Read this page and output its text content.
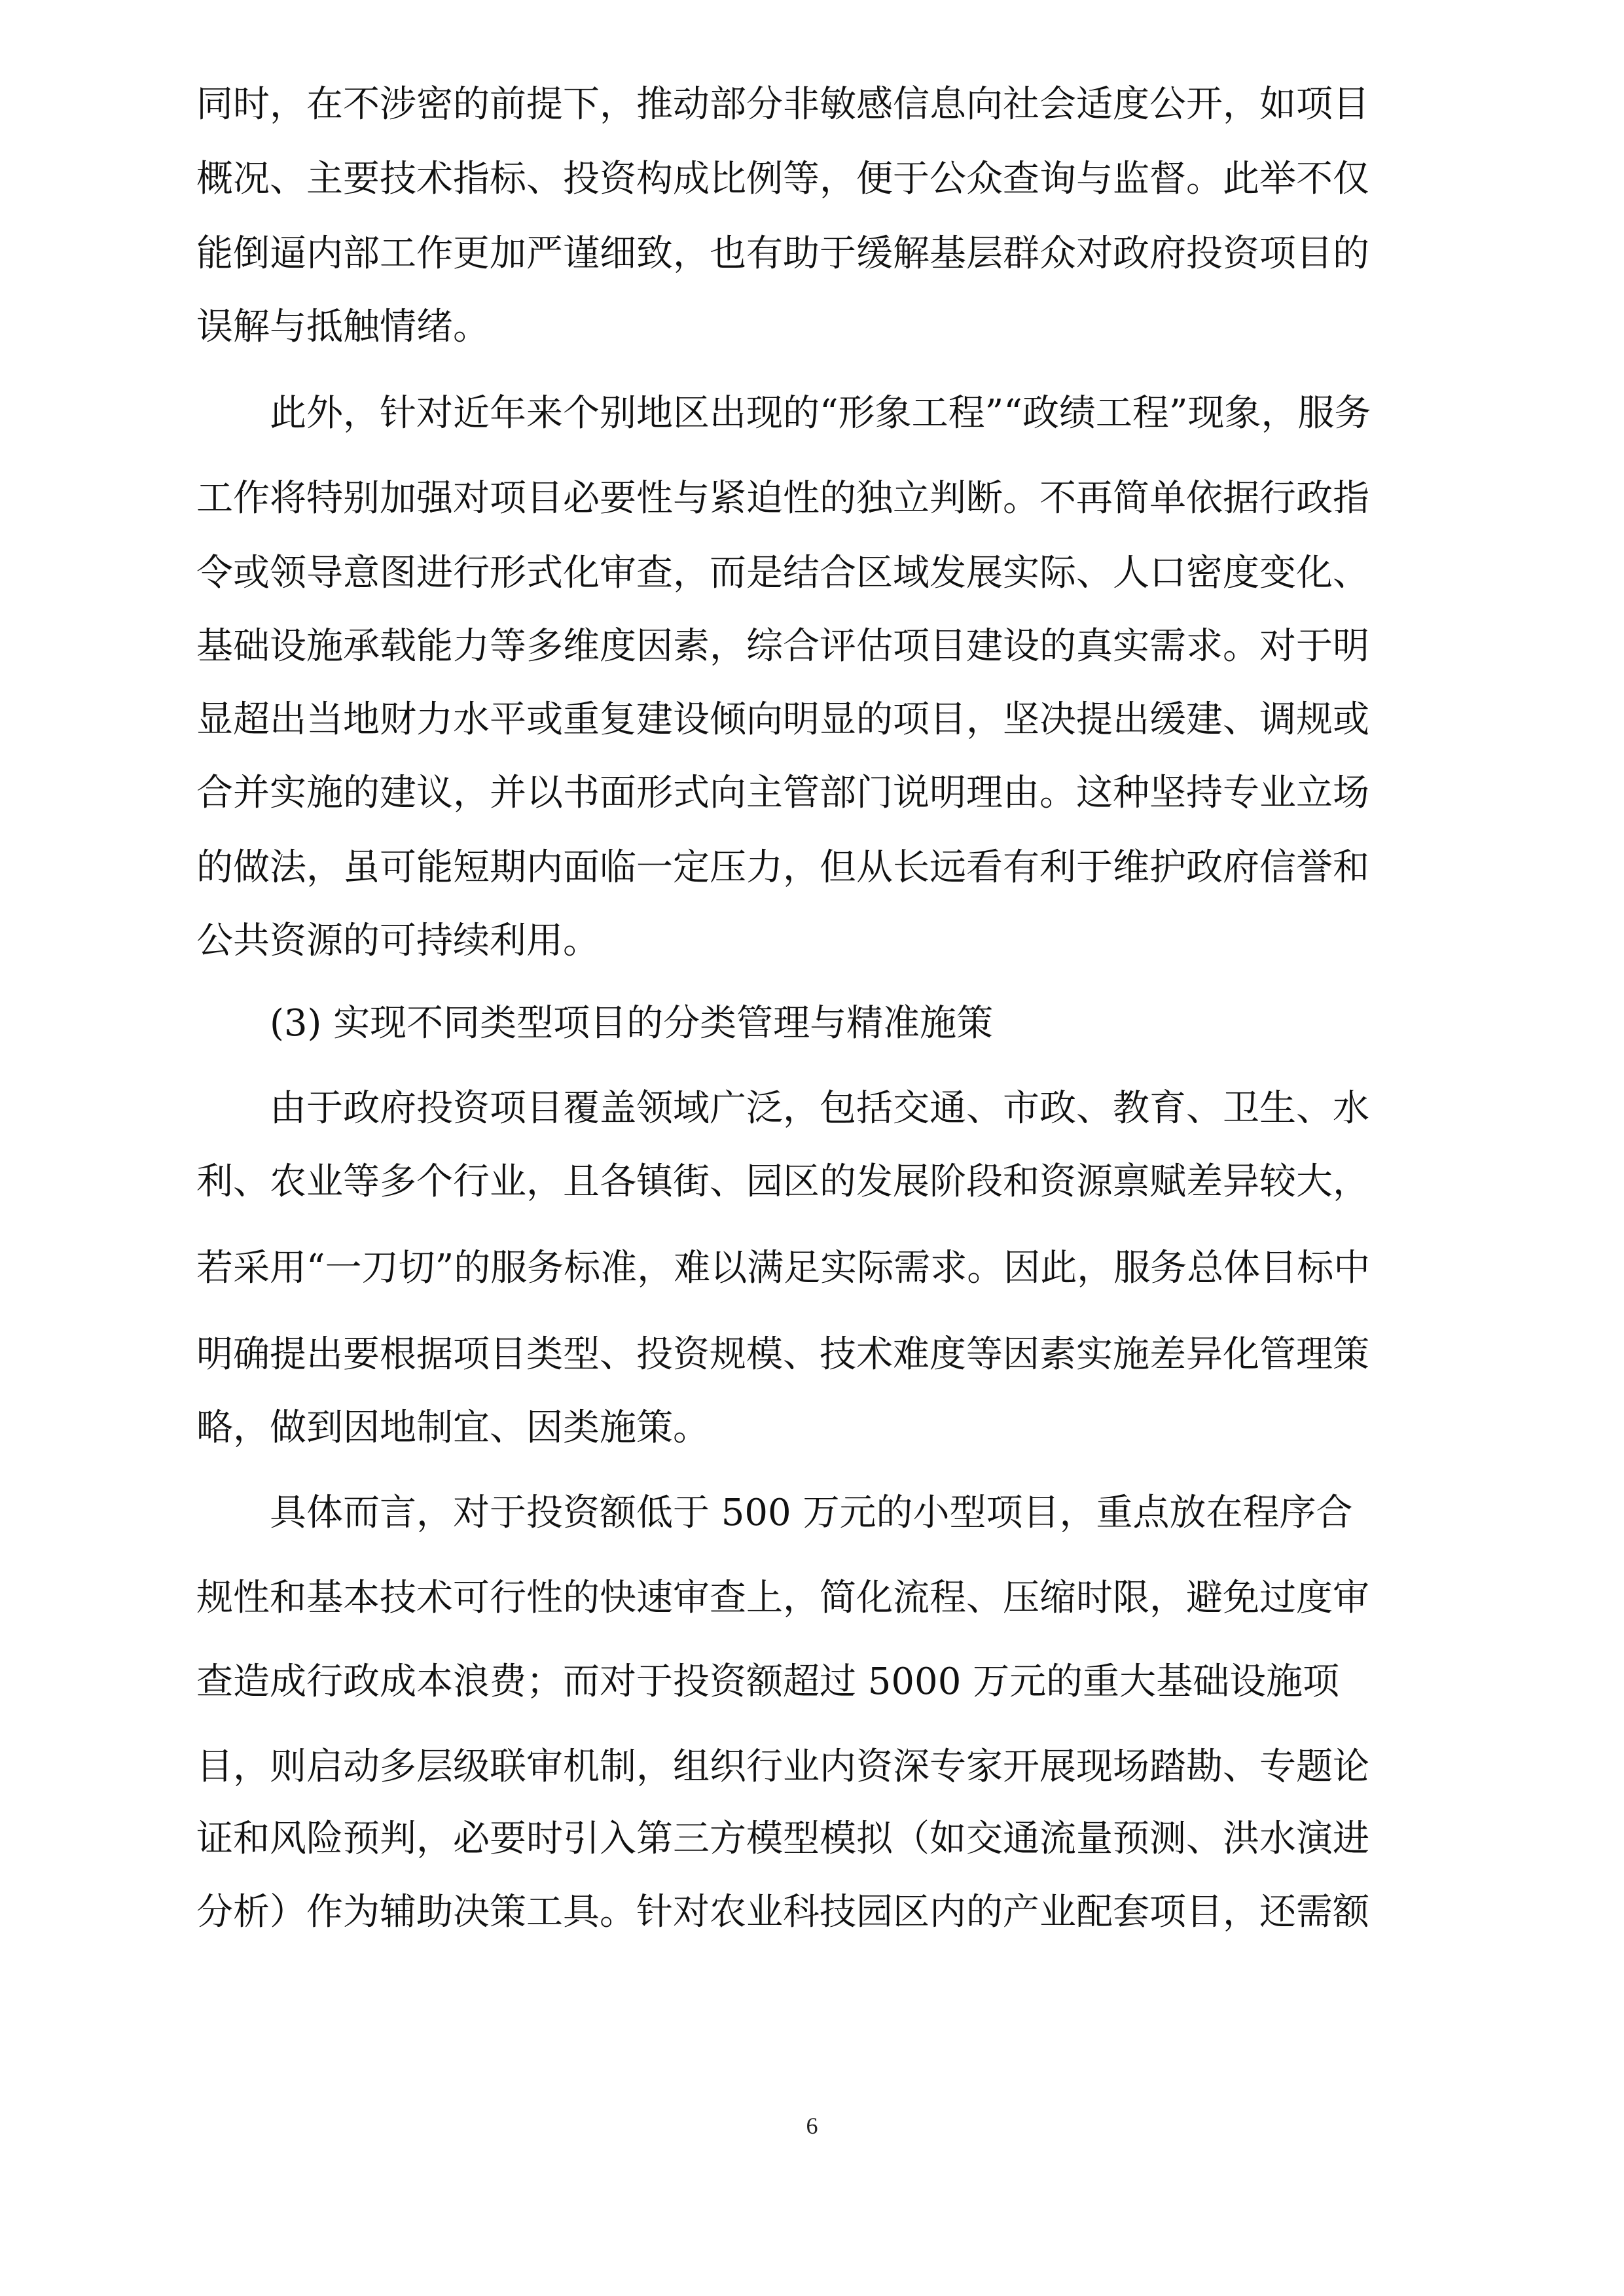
同时，在不涉密的前提下，推动部分非敏感信息向社会适度公开，如项目
概况、主要技术指标、投资构成比例等，便于公众查询与监督。此举不仅
能倒逼内部工作更加严谨细致，也有助于缓解基层群众对政府投资项目的
误解与抵触情绪。
此外，针对近年来个别地区出现的“形象工程”“政绩工程”现象，服务
工作将特别加强对项目必要性与紧迫性的独立判断。不再简单依据行政指
令或领导意图进行形式化审查，而是结合区域发展实际、人口密度变化、
基础设施承载能力等多维度因素，综合评估项目建设的真实需求。对于明
显超出当地财力水平或重复建设倾向明显的项目，坚决提出缓建、调规或
合并实施的建议，并以书面形式向主管部门说明理由。这种坚持专业立场
的做法，虽可能短期内面临一定压力，但从长远看有利于维护政府信誉和
公共资源的可持续利用。
(3) 实现不同类型项目的分类管理与精准施策
由于政府投资项目覆盖领域广泛，包括交通、市政、教育、卫生、水
利、农业等多个行业，且各镇街、园区的发展阶段和资源禀赋差异较大，
若采用“一刀切”的服务标准，难以满足实际需求。因此，服务总体目标中
明确提出要根据项目类型、投资规模、技术难度等因素实施差异化管理策
略，做到因地制宜、因类施策。
具体而言，对于投资额低于 500 万元的小型项目，重点放在程序合
规性和基本技术可行性的快速审查上，简化流程、压缩时限，避免过度审
查造成行政成本浪费；而对于投资额超过 5000 万元的重大基础设施项
目，则启动多层级联审机制，组织行业内资深专家开展现场踏勘、专题论
证和风险预判，必要时引入第三方模型模拟（如交通流量预测、洪水演进
分析）作为辅助决策工具。针对农业科技园区内的产业配套项目，还需额
6
